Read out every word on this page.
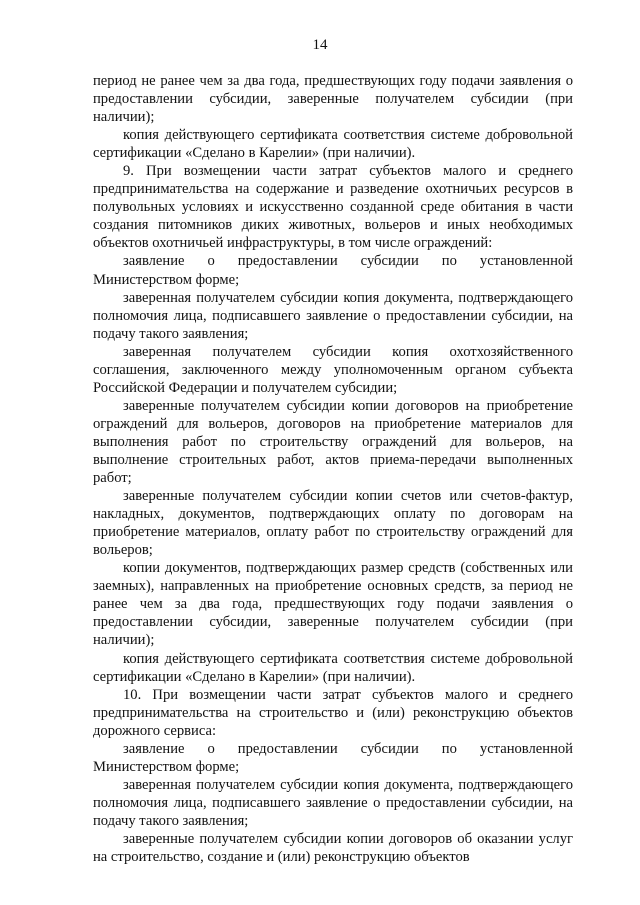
14

период не ранее чем за два года, предшествующих году подачи заявления о предоставлении субсидии, заверенные получателем субсидии (при наличии);

копия действующего сертификата соответствия системе добровольной сертификации «Сделано в Карелии» (при наличии).

9. При возмещении части затрат субъектов малого и среднего предпринимательства на содержание и разведение охотничьих ресурсов в полувольных условиях и искусственно созданной среде обитания в части создания питомников диких животных, вольеров и иных необходимых объектов охотничьей инфраструктуры, в том числе ограждений:

заявление о предоставлении субсидии по установленной Министерством форме;

заверенная получателем субсидии копия документа, подтверждающего полномочия лица, подписавшего заявление о предоставлении субсидии, на подачу такого заявления;

заверенная получателем субсидии копия охотхозяйственного соглашения, заключенного между уполномоченным органом субъекта Российской Федерации и получателем субсидии;

заверенные получателем субсидии копии договоров на приобретение ограждений для вольеров, договоров на приобретение материалов для выполнения работ по строительству ограждений для вольеров, на выполнение строительных работ, актов приема-передачи выполненных работ;

заверенные получателем субсидии копии счетов или счетов-фактур, накладных, документов, подтверждающих оплату по договорам на приобретение материалов, оплату работ по строительству ограждений для вольеров;

копии документов, подтверждающих размер средств (собственных или заемных), направленных на приобретение основных средств, за период не ранее чем за два года, предшествующих году подачи заявления о предоставлении субсидии, заверенные получателем субсидии (при наличии);

копия действующего сертификата соответствия системе добровольной сертификации «Сделано в Карелии» (при наличии).

10. При возмещении части затрат субъектов малого и среднего предпринимательства на строительство и (или) реконструкцию объектов дорожного сервиса:

заявление о предоставлении субсидии по установленной Министерством форме;

заверенная получателем субсидии копия документа, подтверждающего полномочия лица, подписавшего заявление о предоставлении субсидии, на подачу такого заявления;

заверенные получателем субсидии копии договоров об оказании услуг на строительство, создание и (или) реконструкцию объектов
